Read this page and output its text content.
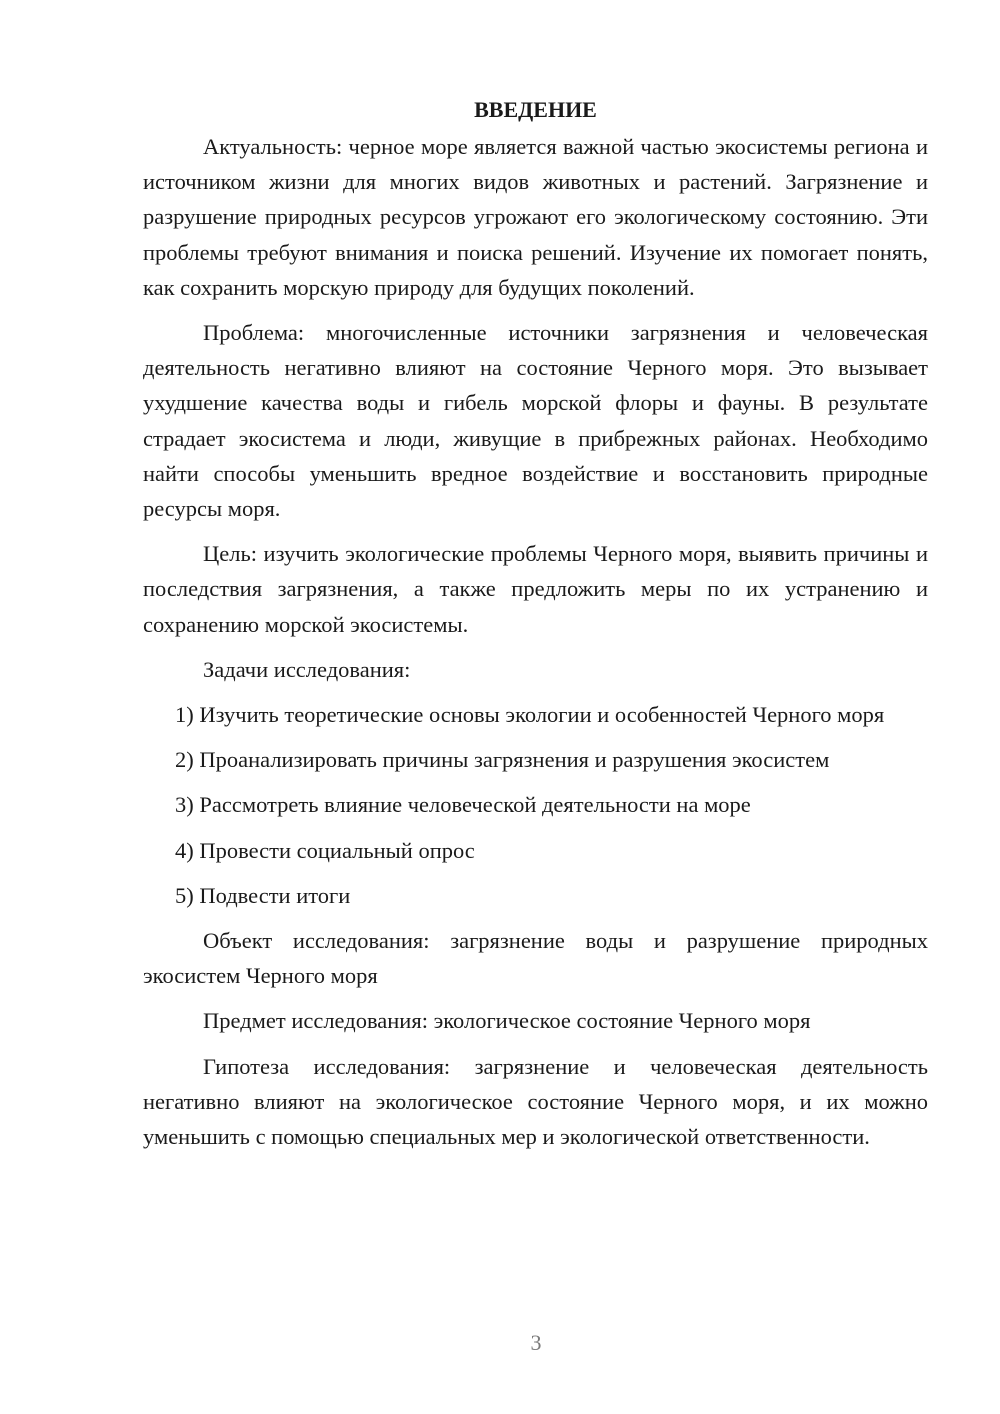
ВВЕДЕНИЕ

Актуальность: черное море является важной частью экосистемы региона и источником жизни для многих видов животных и растений. Загрязнение и разрушение природных ресурсов угрожают его экологическому состоянию. Эти проблемы требуют внимания и поиска решений. Изучение их помогает понять, как сохранить морскую природу для будущих поколений.

Проблема: многочисленные источники загрязнения и человеческая деятельность негативно влияют на состояние Черного моря. Это вызывает ухудшение качества воды и гибель морской флоры и фауны. В результате страдает экосистема и люди, живущие в прибрежных районах. Необходимо найти способы уменьшить вредное воздействие и восстановить природные ресурсы моря.

Цель: изучить экологические проблемы Черного моря, выявить причины и последствия загрязнения, а также предложить меры по их устранению и сохранению морской экосистемы.

Задачи исследования:

1) Изучить теоретические основы экологии и особенностей Черного моря

2) Проанализировать причины загрязнения и разрушения экосистем

3) Рассмотреть влияние человеческой деятельности на море

4) Провести социальный опрос

5) Подвести итоги

Объект исследования: загрязнение воды и разрушение природных экосистем Черного моря

Предмет исследования: экологическое состояние Черного моря

Гипотеза исследования: загрязнение и человеческая деятельность негативно влияют на экологическое состояние Черного моря, и их можно уменьшить с помощью специальных мер и экологической ответственности.

3
